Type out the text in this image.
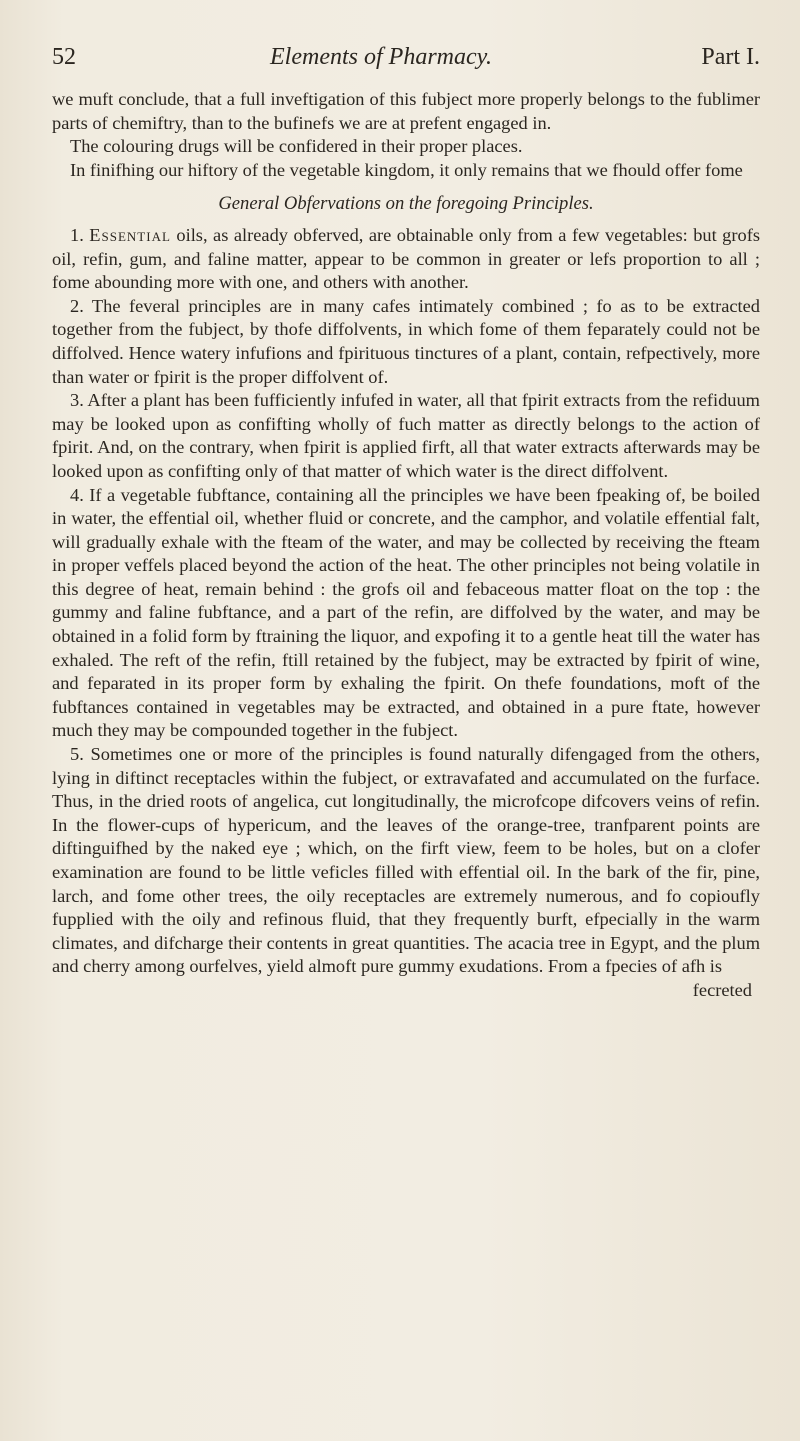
52	Elements of Pharmacy.	Part I.

we muft conclude, that a full inveftigation of this fubject more properly belongs to the fublimer parts of chemiftry, than to the bufinefs we are at prefent engaged in.

The colouring drugs will be confidered in their proper places.

In finifhing our hiftory of the vegetable kingdom, it only remains that we fhould offer fome

General Obfervations on the foregoing Principles.

1. Essential oils, as already obferved, are obtainable only from a few vegetables: but grofs oil, refin, gum, and faline matter, appear to be common in greater or lefs proportion to all ; fome abounding more with one, and others with another.

2. The feveral principles are in many cafes intimately combined ; fo as to be extracted together from the fubject, by thofe diffolvents, in which fome of them feparately could not be diffolved. Hence watery infufions and fpirituous tinctures of a plant, contain, refpectively, more than water or fpirit is the proper diffolvent of.

3. After a plant has been fufficiently infufed in water, all that fpirit extracts from the refiduum may be looked upon as confifting wholly of fuch matter as directly belongs to the action of fpirit. And, on the contrary, when fpirit is applied firft, all that water extracts afterwards may be looked upon as confifting only of that matter of which water is the direct diffolvent.

4. If a vegetable fubftance, containing all the principles we have been fpeaking of, be boiled in water, the effential oil, whether fluid or concrete, and the camphor, and volatile effential falt, will gradually exhale with the fteam of the water, and may be collected by receiving the fteam in proper veffels placed beyond the action of the heat. The other principles not being volatile in this degree of heat, remain behind : the grofs oil and febaceous matter float on the top : the gummy and faline fubftance, and a part of the refin, are diffolved by the water, and may be obtained in a folid form by ftraining the liquor, and expofing it to a gentle heat till the water has exhaled. The reft of the refin, ftill retained by the fubject, may be extracted by fpirit of wine, and feparated in its proper form by exhaling the fpirit. On thefe foundations, moft of the fubftances contained in vegetables may be extracted, and obtained in a pure ftate, however much they may be compounded together in the fubject.

5. Sometimes one or more of the principles is found naturally difengaged from the others, lying in diftinct receptacles within the fubject, or extravafated and accumulated on the furface. Thus, in the dried roots of angelica, cut longitudinally, the microfcope difcovers veins of refin. In the flower-cups of hypericum, and the leaves of the orange-tree, tranfparent points are diftinguifhed by the naked eye ; which, on the firft view, feem to be holes, but on a clofer examination are found to be little veficles filled with effential oil. In the bark of the fir, pine, larch, and fome other trees, the oily receptacles are extremely numerous, and fo copioufly fupplied with the oily and refinous fluid, that they frequently burft, efpecially in the warm climates, and difcharge their contents in great quantities. The acacia tree in Egypt, and the plum and cherry among ourfelves, yield almoft pure gummy exudations. From a fpecies of afh is

fecreted
